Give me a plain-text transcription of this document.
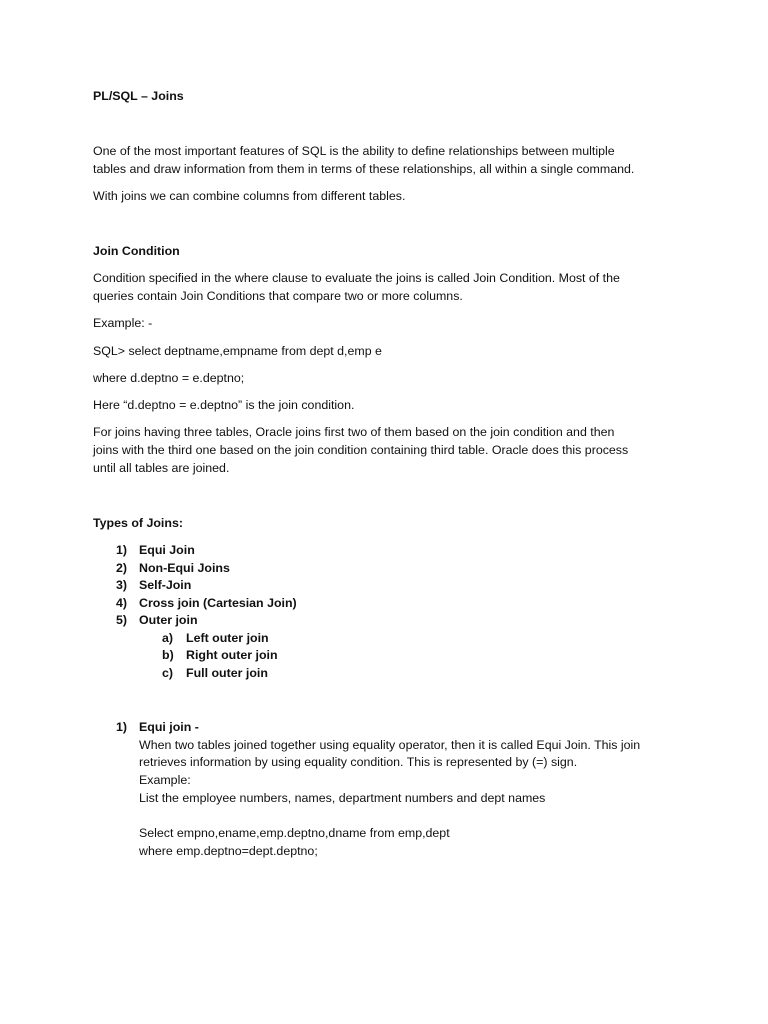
PL/SQL – Joins
One of the most important features of SQL is the ability to define relationships between multiple
tables and draw information from them in terms of these relationships, all within a single command.
With joins we can combine columns from different tables.
Join Condition
Condition specified in the where clause to evaluate the joins is called Join Condition. Most of the
queries contain Join Conditions that compare two or more columns.
Example: -
SQL> select deptname,empname from dept d,emp e
where d.deptno = e.deptno;
Here “d.deptno = e.deptno” is the join condition.
For joins having three tables, Oracle joins first two of them based on the join condition and then
joins with the third one based on the join condition containing third table. Oracle does this process
until all tables are joined.
Types of Joins:
1) Equi Join
2) Non-Equi Joins
3) Self-Join
4) Cross join (Cartesian Join)
5) Outer join
a) Left outer join
b) Right outer join
c) Full outer join
1) Equi join -
When two tables joined together using equality operator, then it is called Equi Join. This join
retrieves information by using equality condition. This is represented by (=) sign.
Example:
List the employee numbers, names, department numbers and dept names
Select empno,ename,emp.deptno,dname from emp,dept
where emp.deptno=dept.deptno;
